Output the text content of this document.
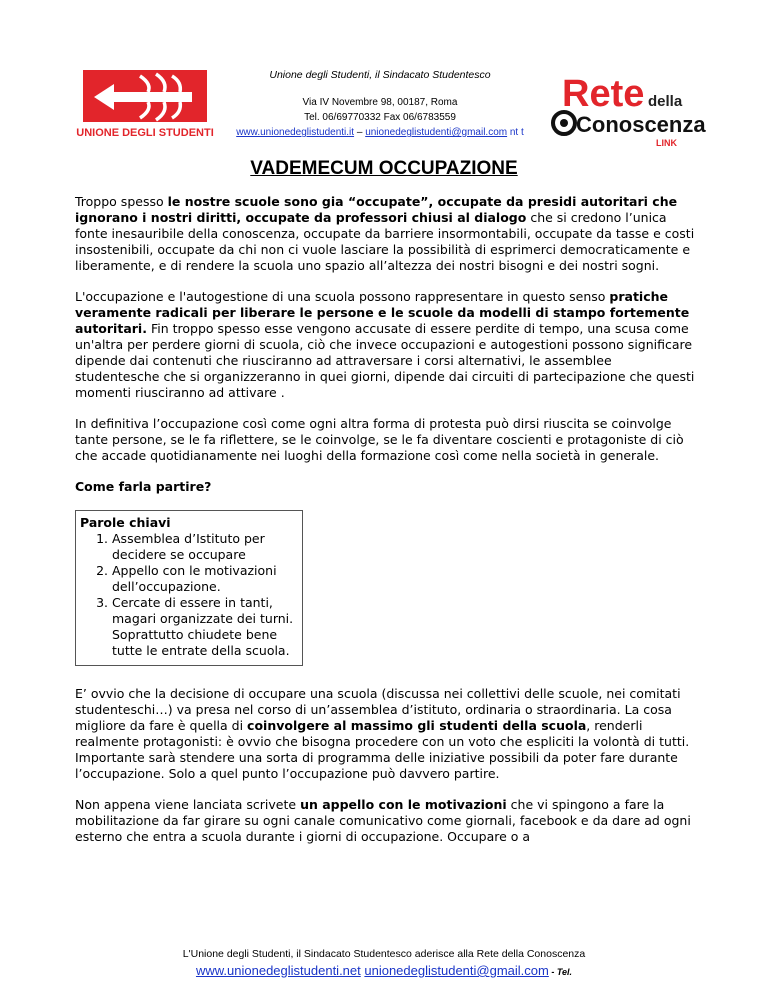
UNIONE DEGLI STUDENTI
Unione degli Studenti, il Sindacato Studentesco
Via IV Novembre 98, 00187, Roma
Tel. 06/69770332 Fax 06/6783559
www.unionedeglistudenti.it – unionedeglistudenti@gmail.com nt t
Rete della
Conoscenza
LINK
VADEMECUM OCCUPAZIONE

Troppo spesso le nostre scuole sono gia “occupate”, occupate da presidi autoritari che ignorano i nostri diritti, occupate da professori chiusi al dialogo che si credono l’unica fonte inesauribile della conoscenza, occupate da barriere insormontabili, occupate da tasse e costi insostenibili, occupate da chi non ci vuole lasciare la possibilità di esprimerci democraticamente e liberamente, e di rendere la scuola uno spazio all’altezza dei nostri bisogni e dei nostri sogni.

L'occupazione e l'autogestione di una scuola possono rappresentare in questo senso pratiche veramente radicali per liberare le persone e le scuole da modelli di stampo fortemente autoritari. Fin troppo spesso esse vengono accusate di essere perdite di tempo, una scusa come un'altra per perdere giorni di scuola, ciò che invece occupazioni e autogestioni possono significare dipende dai contenuti che riusciranno ad attraversare i corsi alternativi, le assemblee studentesche che si organizzeranno in quei giorni, dipende dai circuiti di partecipazione che questi momenti riusciranno ad attivare .

In definitiva l’occupazione così come ogni altra forma di protesta può dirsi riuscita se coinvolge tante persone, se le fa riflettere, se le coinvolge, se le fa diventare coscienti e protagoniste di ciò che accade quotidianamente nei luoghi della formazione così come nella società in generale.

Come farla partire?

Parole chiavi
1. Assemblea d’Istituto per decidere se occupare
2. Appello con le motivazioni dell’occupazione.
3. Cercate di essere in tanti, magari organizzate dei turni. Soprattutto chiudete bene tutte le entrate della scuola.

E’ ovvio che la decisione di occupare una scuola (discussa nei collettivi delle scuole, nei comitati studenteschi…) va presa nel corso di un’assemblea d’istituto, ordinaria o straordinaria. La cosa migliore da fare è quella di coinvolgere al massimo gli studenti della scuola, renderli realmente protagonisti: è ovvio che bisogna procedere con un voto che espliciti la volontà di tutti. Importante sarà stendere una sorta di programma delle iniziative possibili da poter fare durante l’occupazione. Solo a quel punto l’occupazione può davvero partire.

Non appena viene lanciata scrivete un appello con le motivazioni che vi spingono a fare la mobilitazione da far girare su ogni canale comunicativo come giornali, facebook e da dare ad ogni esterno che entra a scuola durante i giorni di occupazione. Occupare o a

L'Unione degli Studenti, il Sindacato Studentesco aderisce alla Rete della Conoscenza
www.unionedeglistudenti.net unionedeglistudenti@gmail.com - Tel.
